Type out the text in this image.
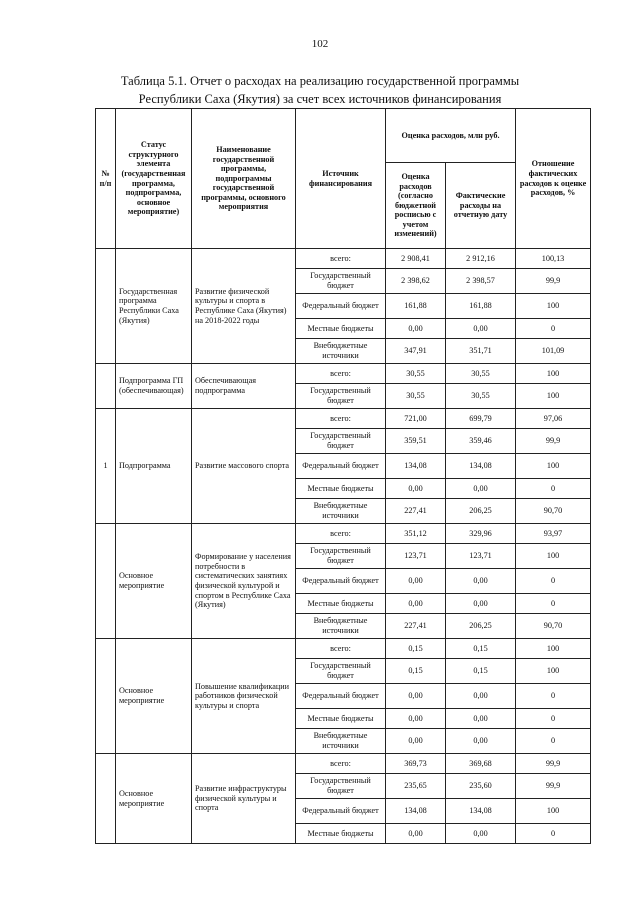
102
Таблица 5.1. Отчет о расходах на реализацию государственной программы
Республики Саха (Якутия) за счет всех источников финансирования
№ п/п	Статус структурного элемента (государственная программа, подпрограмма, основное мероприятие)	Наименование государственной программы, подпрограммы государственной программы, основного мероприятия	Источник финансирования	Оценка расходов, млн руб.		Отношение фактических расходов к оценке расходов, %
				Оценка расходов (согласно бюджетной росписью с учетом изменений)	Фактические расходы на отчетную дату	
	Государственная программа Республики Саха (Якутия)	Развитие физической культуры и спорта в Республике Саха (Якутия) на 2018-2022 годы	всего:	2 908,41	2 912,16	100,13
			Государственный бюджет	2 398,62	2 398,57	99,9
			Федеральный бюджет	161,88	161,88	100
			Местные бюджеты	0,00	0,00	0
			Внебюджетные источники	347,91	351,71	101,09
	Подпрограмма ГП (обеспечивающая)	Обеспечивающая подпрограмма	всего:	30,55	30,55	100
			Государственный бюджет	30,55	30,55	100
1	Подпрограмма	Развитие массового спорта	всего:	721,00	699,79	97,06
			Государственный бюджет	359,51	359,46	99,9
			Федеральный бюджет	134,08	134,08	100
			Местные бюджеты	0,00	0,00	0
			Внебюджетные источники	227,41	206,25	90,70
	Основное мероприятие	Формирование у населения потребности в систематических занятиях физической культурой и спортом в Республике Саха (Якутия)	всего:	351,12	329,96	93,97
			Государственный бюджет	123,71	123,71	100
			Федеральный бюджет	0,00	0,00	0
			Местные бюджеты	0,00	0,00	0
			Внебюджетные источники	227,41	206,25	90,70
	Основное мероприятие	Повышение квалификации работников физической культуры и спорта	всего:	0,15	0,15	100
			Государственный бюджет	0,15	0,15	100
			Федеральный бюджет	0,00	0,00	0
			Местные бюджеты	0,00	0,00	0
			Внебюджетные источники	0,00	0,00	0
	Основное мероприятие	Развитие инфраструктуры физической культуры и спорта	всего:	369,73	369,68	99,9
			Государственный бюджет	235,65	235,60	99,9
			Федеральный бюджет	134,08	134,08	100
			Местные бюджеты	0,00	0,00	0
